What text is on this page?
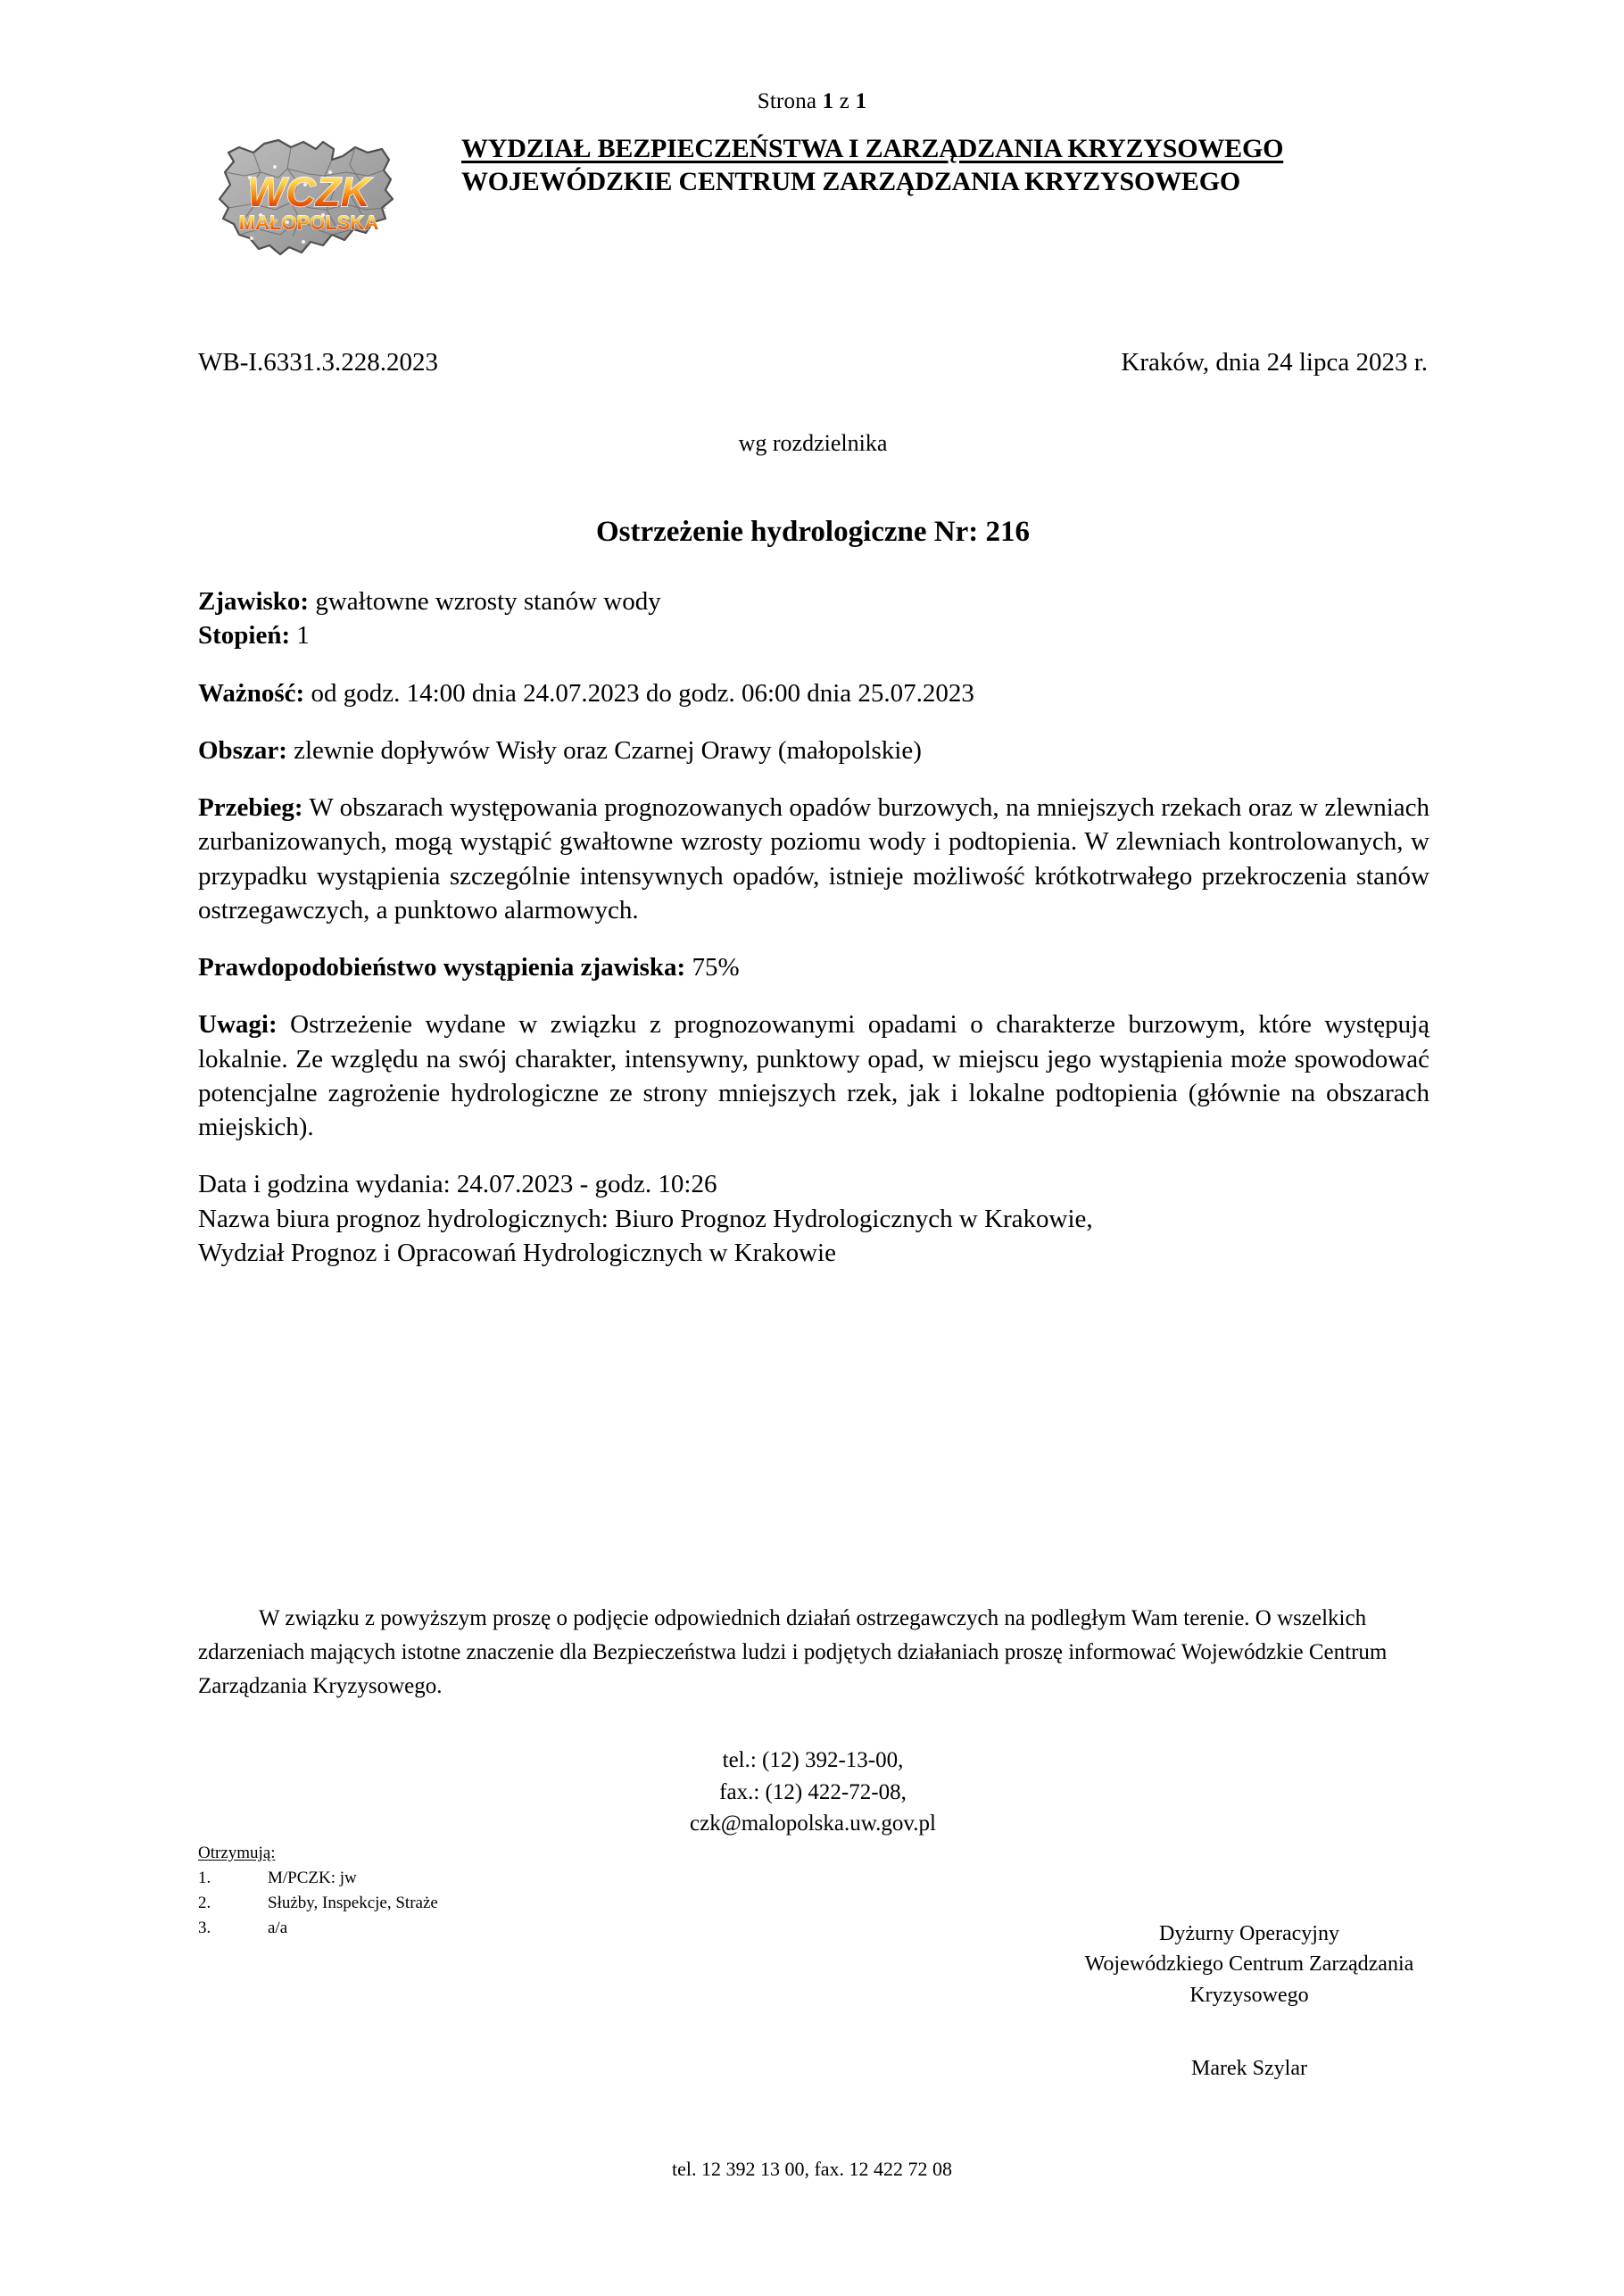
Strona 1 z 1
WCZK
MAŁOPOLSKA
WYDZIAŁ BEZPIECZEŃSTWA I ZARZĄDZANIA KRYZYSOWEGO
WOJEWÓDZKIE CENTRUM ZARZĄDZANIA KRYZYSOWEGO
WB-I.6331.3.228.2023	Kraków, dnia 24 lipca 2023 r.
wg rozdzielnika
Ostrzeżenie hydrologiczne Nr: 216

Zjawisko: gwałtowne wzrosty stanów wody

Stopień: 1

Ważność: od godz. 14:00 dnia 24.07.2023 do godz. 06:00 dnia 25.07.2023

Obszar: zlewnie dopływów Wisły oraz Czarnej Orawy (małopolskie)

Przebieg: W obszarach występowania prognozowanych opadów burzowych, na mniejszych rzekach oraz w zlewniach zurbanizowanych, mogą wystąpić gwałtowne wzrosty poziomu wody i podtopienia. W zlewniach kontrolowanych, w przypadku wystąpienia szczególnie intensywnych opadów, istnieje możliwość krótkotrwałego przekroczenia stanów ostrzegawczych, a punktowo alarmowych.

Prawdopodobieństwo wystąpienia zjawiska: 75%

Uwagi: Ostrzeżenie wydane w związku z prognozowanymi opadami o charakterze burzowym, które występują lokalnie. Ze względu na swój charakter, intensywny, punktowy opad, w miejscu jego wystąpienia może spowodować potencjalne zagrożenie hydrologiczne ze strony mniejszych rzek, jak i lokalne podtopienia (głównie na obszarach miejskich).

Data i godzina wydania: 24.07.2023 - godz. 10:26

Nazwa biura prognoz hydrologicznych: Biuro Prognoz Hydrologicznych w Krakowie,

Wydział Prognoz i Opracowań Hydrologicznych w Krakowie

W związku z powyższym proszę o podjęcie odpowiednich działań ostrzegawczych na podległym Wam terenie. O wszelkich zdarzeniach mających istotne znaczenie dla Bezpieczeństwa ludzi i podjętych działaniach proszę informować Wojewódzkie Centrum Zarządzania Kryzysowego.
tel.: (12) 392-13-00,
fax.: (12) 422-72-08,
czk@malopolska.uw.gov.pl
Otrzymują:
1.	M/PCZK: jw
2.	Służby, Inspekcje, Straże
3.	a/a	Dyżurny Operacyjny
Wojewódzkiego Centrum Zarządzania
Kryzysowego
Marek Szylar
tel. 12 392 13 00, fax. 12 422 72 08
